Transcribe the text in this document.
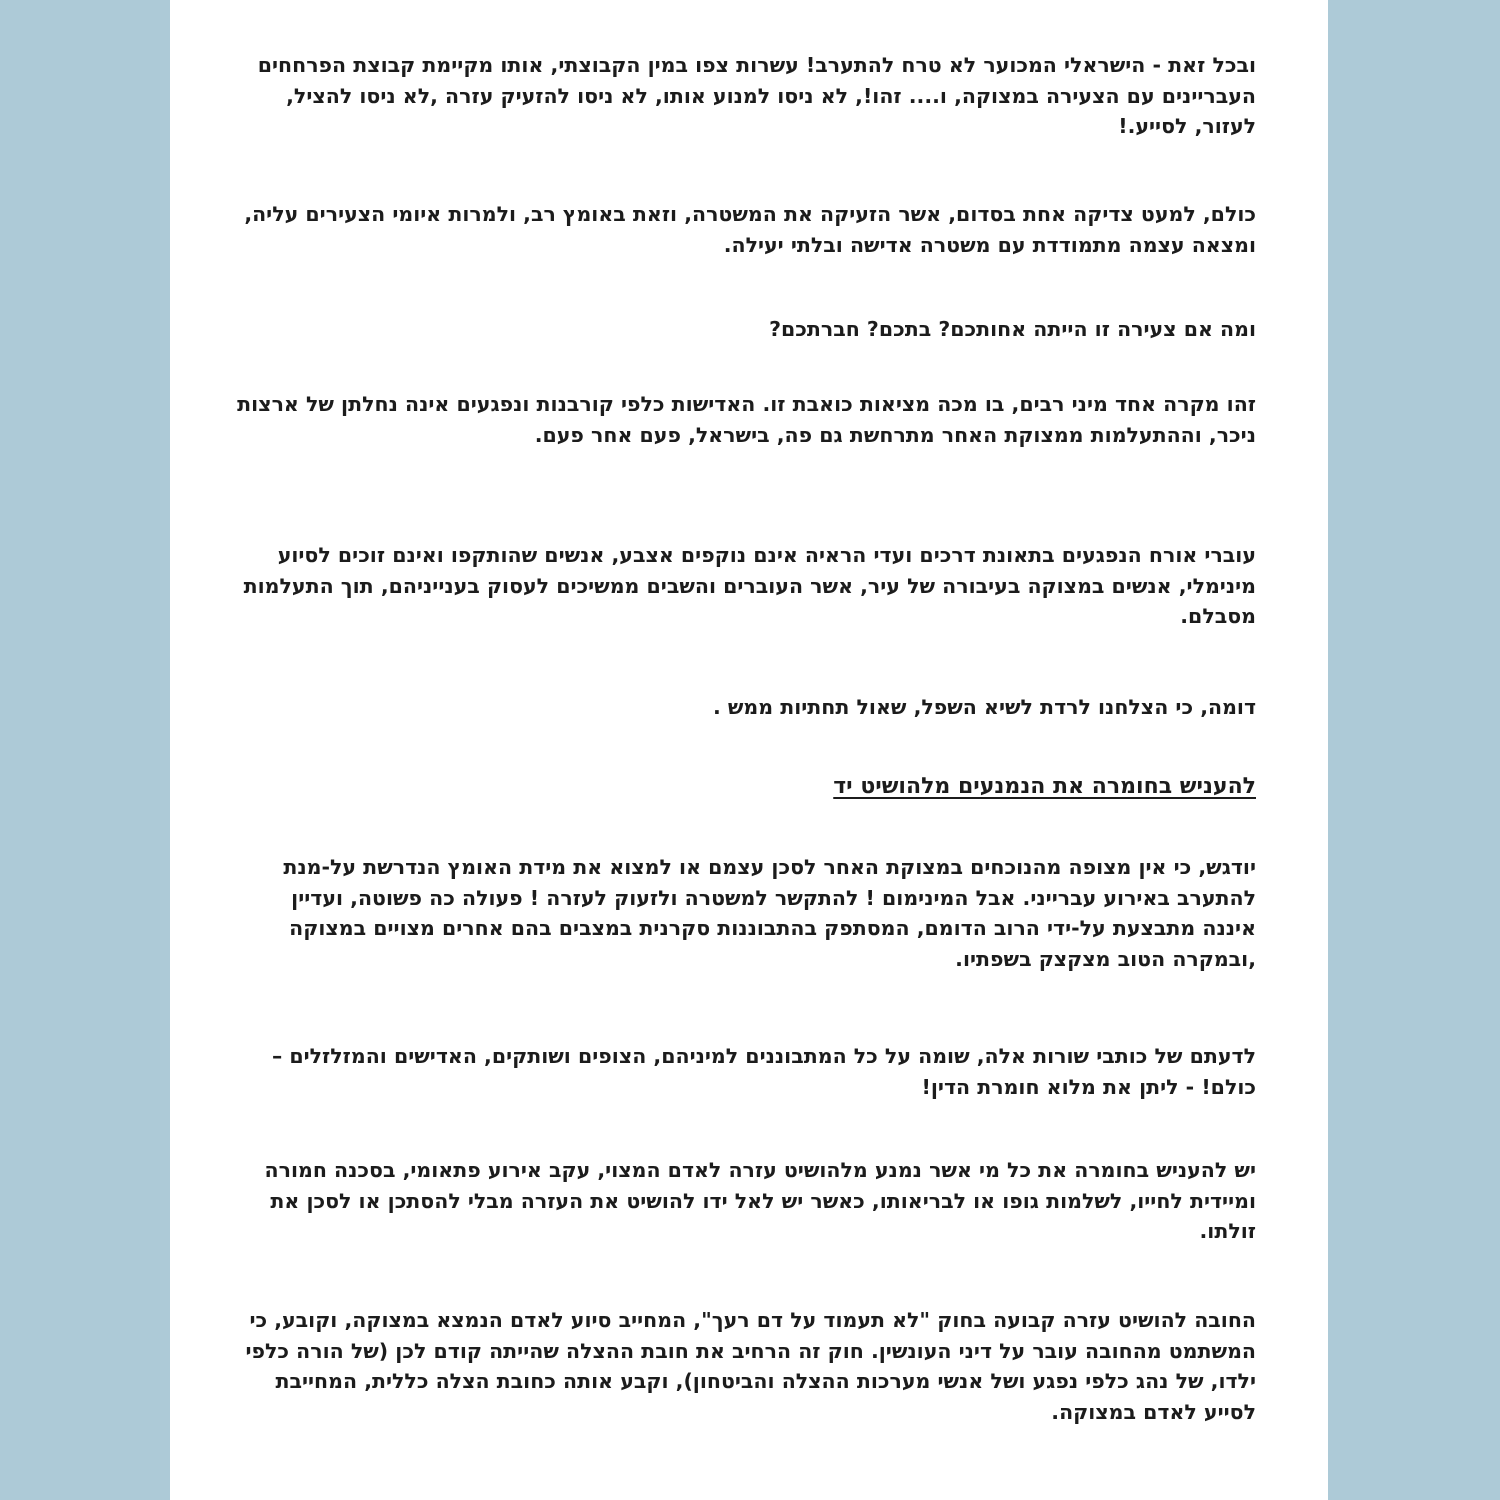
ובכל זאת - הישראלי המכוער לא טרח להתערב! עשרות צפו במין הקבוצתי, אותו מקיימת קבוצת הפרחחים העבריינים עם הצעירה במצוקה, ו.... זהו!, לא ניסו למנוע אותו, לא ניסו להזעיק עזרה ,לא ניסו להציל, לעזור, לסייע.!

כולם, למעט צדיקה אחת בסדום, אשר הזעיקה את המשטרה, וזאת באומץ רב, ולמרות איומי הצעירים עליה, ומצאה עצמה מתמודדת עם משטרה אדישה ובלתי יעילה.

ומה אם צעירה זו הייתה אחותכם? בתכם? חברתכם?

זהו מקרה אחד מיני רבים, בו מכה מציאות כואבת זו. האדישות כלפי קורבנות ונפגעים אינה נחלתן של ארצות ניכר, וההתעלמות ממצוקת האחר מתרחשת גם פה, בישראל, פעם אחר פעם.

עוברי אורח הנפגעים בתאונת דרכים ועדי הראיה אינם נוקפים אצבע, אנשים שהותקפו ואינם זוכים לסיוע מינימלי, אנשים במצוקה בעיבורה של עיר, אשר העוברים והשבים ממשיכים לעסוק בענייניהם, תוך התעלמות מסבלם.

דומה, כי הצלחנו לרדת לשיא השפל, שאול תחתיות ממש .

להעניש בחומרה את הנמנעים מלהושיט יד

יודגש, כי אין מצופה מהנוכחים במצוקת האחר לסכן עצמם או למצוא את מידת האומץ הנדרשת על-מנת להתערב באירוע עברייני. אבל המינימום ! להתקשר למשטרה ולזעוק לעזרה ! פעולה כה פשוטה, ועדיין איננה מתבצעת על-ידי הרוב הדומם, המסתפק בהתבוננות סקרנית במצבים בהם אחרים מצויים במצוקה ,ובמקרה הטוב מצקצק בשפתיו.

לדעתם של כותבי שורות אלה, שומה על כל המתבוננים למיניהם, הצופים ושותקים, האדישים והמזלזלים – כולם! - ליתן את מלוא חומרת הדין!

יש להעניש בחומרה את כל מי אשר נמנע מלהושיט עזרה לאדם המצוי, עקב אירוע פתאומי, בסכנה חמורה ומיידית לחייו, לשלמות גופו או לבריאותו, כאשר יש לאל ידו להושיט את העזרה מבלי להסתכן או לסכן את זולתו.

החובה להושיט עזרה קבועה בחוק "לא תעמוד על דם רעך", המחייב סיוע לאדם הנמצא במצוקה, וקובע, כי המשתמט מהחובה עובר על דיני העונשין. חוק זה הרחיב את חובת ההצלה שהייתה קודם לכן (של הורה כלפי ילדו, של נהג כלפי נפגע ושל אנשי מערכות ההצלה והביטחון), וקבע אותה כחובת הצלה כללית, המחייבת לסייע לאדם במצוקה.
